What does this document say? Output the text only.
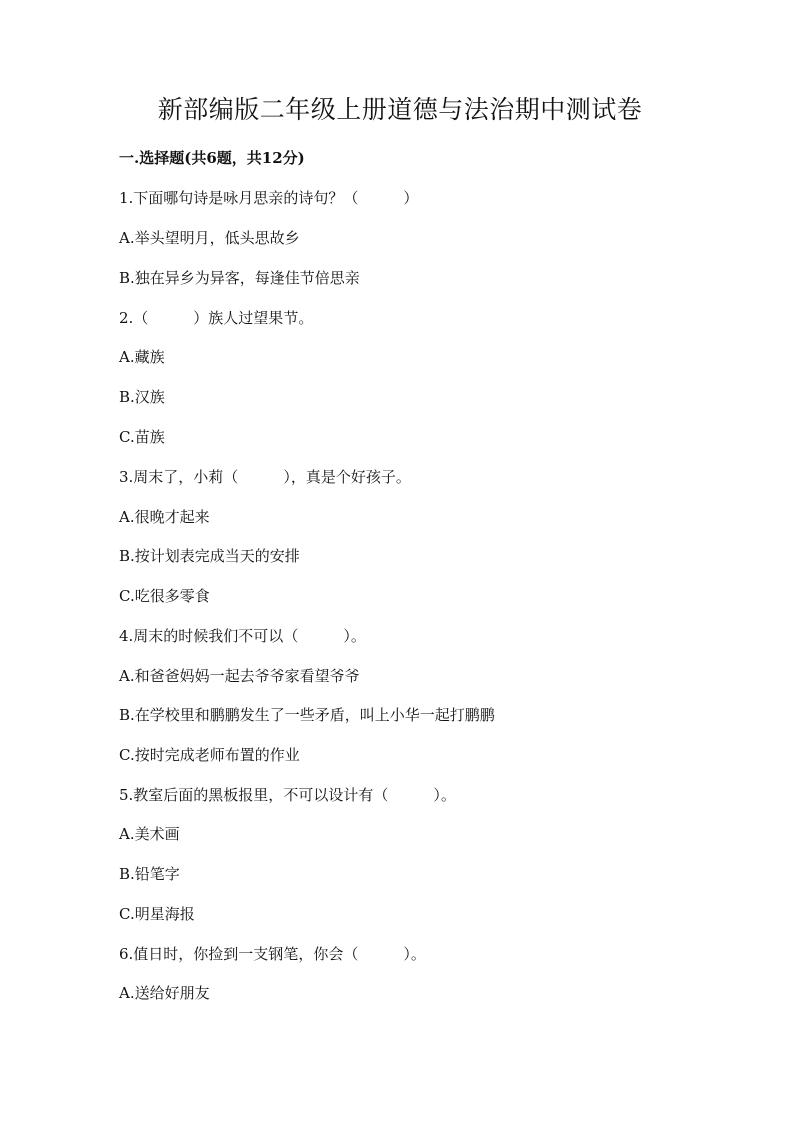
新部编版二年级上册道德与法治期中测试卷
一.选择题(共6题，共12分)
1.下面哪句诗是咏月思亲的诗句？（　　　）
A.举头望明月，低头思故乡
B.独在异乡为异客，每逢佳节倍思亲
2.（　　　）族人过望果节。
A.藏族
B.汉族
C.苗族
3.周末了，小莉（　　　），真是个好孩子。
A.很晚才起来
B.按计划表完成当天的安排
C.吃很多零食
4.周末的时候我们不可以（　　　）。
A.和爸爸妈妈一起去爷爷家看望爷爷
B.在学校里和鹏鹏发生了一些矛盾，叫上小华一起打鹏鹏
C.按时完成老师布置的作业
5.教室后面的黑板报里，不可以设计有（　　　）。
A.美术画
B.铅笔字
C.明星海报
6.值日时，你捡到一支钢笔，你会（　　　）。
A.送给好朋友
